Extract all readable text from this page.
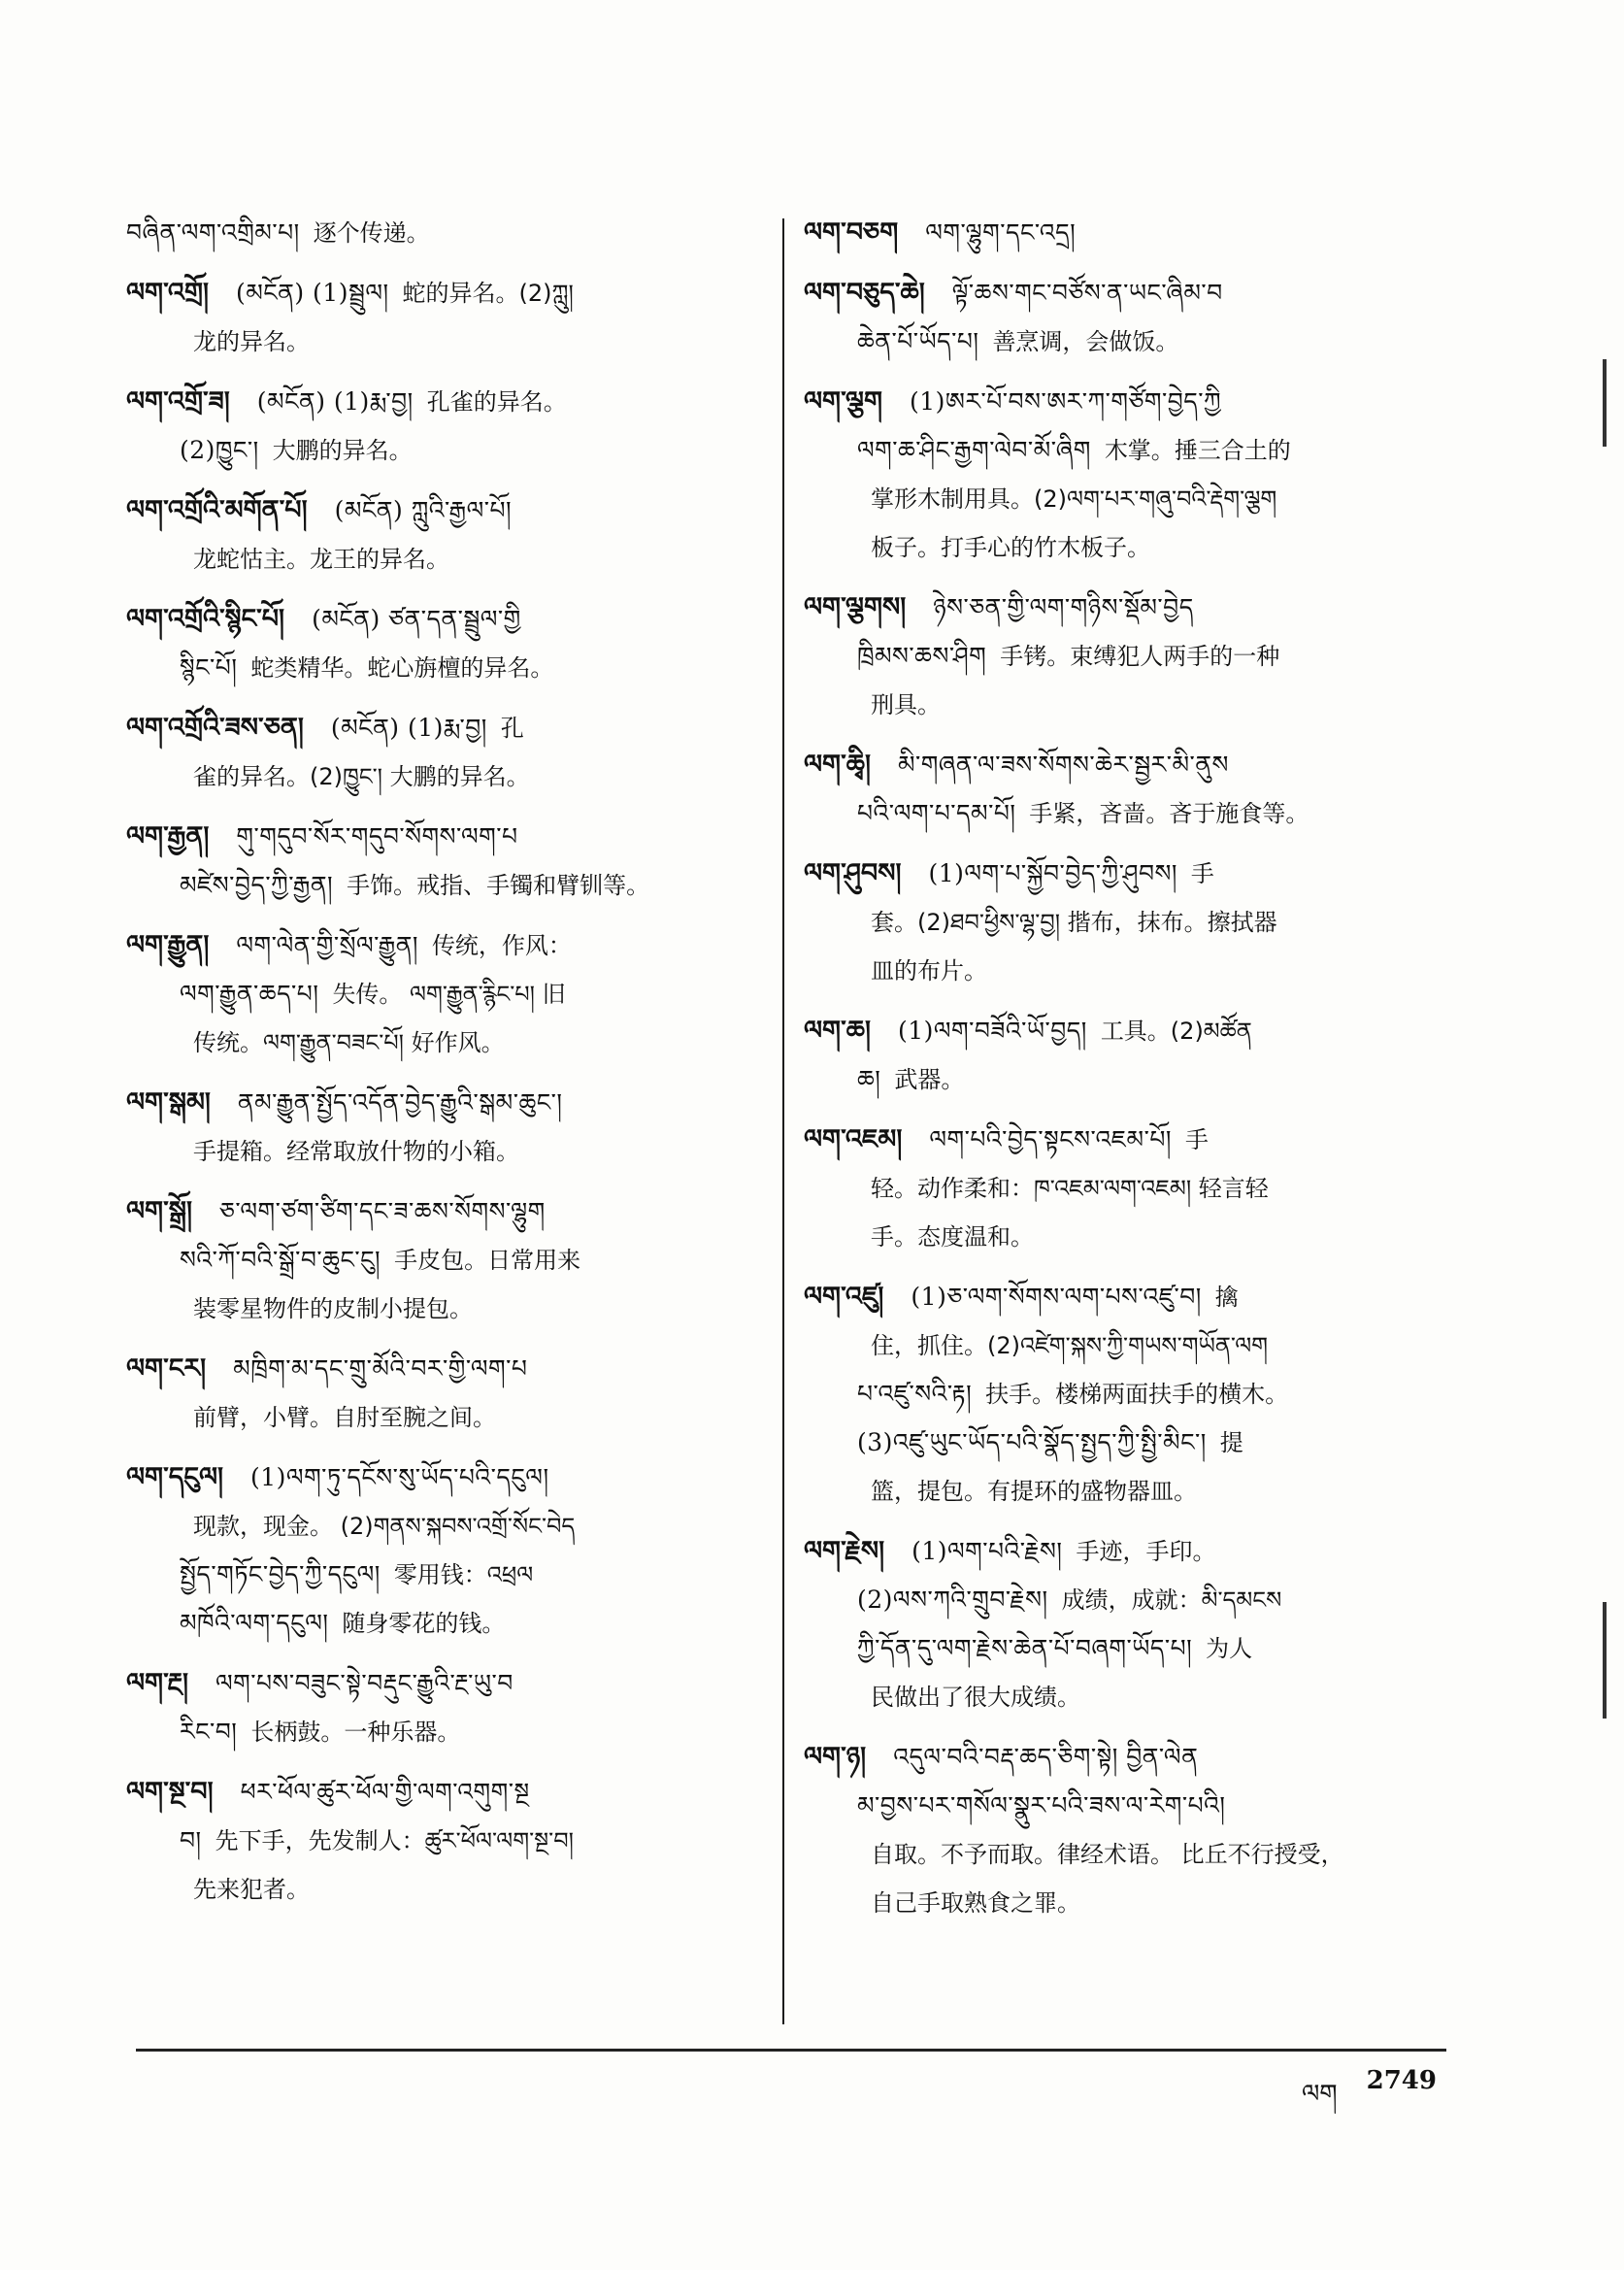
བཞིན་ལག་འགྲིམ་པ། 逐个传递。
ལག་འགྲོ། (མངོན) (1)སྦྲུལ། 蛇的异名。(2)ཀླུ།
龙的异名。
ལག་འགྲོ་ཟ། (མངོན) (1)རྨ་བྱ། 孔雀的异名。
(2)ཁྱུང་། 大鹏的异名。
ལག་འགྲོའི་མགོན་པོ། (མངོན) ཀླུའི་རྒྱལ་པོ།
龙蛇怙主。龙王的异名。
ལག་འགྲོའི་སྙིང་པོ། (མངོན) ཙན་དན་སྦྲུལ་གྱི
སྙིང་པོ། 蛇类精华。蛇心旃檀的异名。
ལག་འགྲོའི་ཟས་ཅན། (མངོན) (1)རྨ་བྱ། 孔
雀的异名。(2)ཁྱུང་། 大鹏的异名。
ལག་རྒྱན། གུ་གདུབ་སོར་གདུབ་སོགས་ལག་པ
མཛེས་བྱེད་ཀྱི་རྒྱན། 手饰。戒指、手镯和臂钏等。
ལག་རྒྱུན། ལག་ལེན་གྱི་སྲོལ་རྒྱུན། 传统，作风：
ལག་རྒྱུན་ཆད་པ། 失传。 ལག་རྒྱུན་རྙིང་པ། 旧
传统。ལག་རྒྱུན་བཟང་པོ། 好作风。
ལག་སྒམ། ནམ་རྒྱུན་སྤྱོད་འདོན་བྱེད་རྒྱུའི་སྒམ་ཆུང་།
手提箱。经常取放什物的小箱。
ལག་སྒྲོ། ཅ་ལག་ཙག་ཙིག་དང་ཟ་ཆས་སོགས་ལྷུག
སའི་ཀོ་བའི་སྒྲོ་བ་ཆུང་ངུ། 手皮包。日常用来
装零星物件的皮制小提包。
ལག་ངར། མཁྲིག་མ་དང་གྲུ་མོའི་བར་གྱི་ལག་པ
前臂，小臂。自肘至腕之间。
ལག་དངུལ། (1)ལག་ཏུ་དངོས་སུ་ཡོད་པའི་དངུལ།
现款，现金。 (2)གནས་སྐབས་འགྲོ་སོང་བེད
སྤྱོད་གཏོང་བྱེད་ཀྱི་དངུལ། 零用钱：འཕྲལ
མཁོའི་ལག་དངུལ། 随身零花的钱。
ལག་རྔ། ལག་པས་བཟུང་སྟེ་བརྡུང་རྒྱུའི་རྔ་ཡུ་བ
རིང་བ། 长柄鼓。一种乐器。
ལག་སྔ་བ། ཕར་ཕོལ་ཚུར་ཕོལ་གྱི་ལག་འགུག་སྔ
བ། 先下手，先发制人：ཚུར་ཕོལ་ལག་སྔ་བ།
先来犯者。
ལག་བཅག ལག་ལྷུག་དང་འདྲ།
ལག་བཅུད་ཆེ། ལྟོ་ཆས་གང་བཙོས་ན་ཡང་ཞིམ་བ
ཆེན་པོ་ཡོད་པ། 善烹调，会做饭。
ལག་ལྕག (1)ཨར་པོ་བས་ཨར་ཀ་གཙོག་བྱེད་ཀྱི
ལག་ཆ་ཤིང་རྒྱག་ལེབ་མོ་ཞིག 木掌。捶三合土的
掌形木制用具。(2)ལག་པར་གཞུ་བའི་རྡེག་ལྕག
板子。打手心的竹木板子。
ལག་ལྕགས། ཉེས་ཅན་གྱི་ལག་གཉིས་སྡོམ་བྱེད
ཁྲིམས་ཆས་ཤིག 手铐。束缚犯人两手的一种
刑具。
ལག་ཆྭི། མི་གཞན་ལ་ཟས་སོགས་ཆེར་སྦྱར་མི་ནུས
པའི་ལག་པ་དམ་པོ། 手紧，吝啬。吝于施食等。
ལག་ཤུབས། (1)ལག་པ་སྐྱོབ་བྱེད་ཀྱི་ཤུབས། 手
套。(2)ཐབ་ཕྱིས་ལྷ་བྱ། 揩布，抹布。擦拭器
皿的布片。
ལག་ཆ། (1)ལག་བཟོའི་ཡོ་བྱད། 工具。(2)མཚོན
ཆ། 武器。
ལག་འཇམ། ལག་པའི་བྱེད་སྟངས་འཇམ་པོ། 手
轻。动作柔和：ཁ་འཇམ་ལག་འཇམ། 轻言轻
手。态度温和。
ལག་འཛུ། (1)ཅ་ལག་སོགས་ལག་པས་འཛུ་བ། 擒
住，抓住。(2)འཛེག་སྐས་ཀྱི་གཡས་གཡོན་ལག
པ་འཛུ་སའི་རྟ། 扶手。楼梯两面扶手的横木。
(3)འཛུ་ཡུང་ཡོད་པའི་སྣོད་སྤྱད་ཀྱི་སྤྱི་མིང་། 提
篮，提包。有提环的盛物器皿。
ལག་རྗེས། (1)ལག་པའི་རྗེས། 手迹，手印。
(2)ལས་ཀའི་གྲུབ་རྗེས། 成绩，成就：མི་དམངས
ཀྱི་དོན་དུ་ལག་རྗེས་ཆེན་པོ་བཞག་ཡོད་པ། 为人
民做出了很大成绩。
ལག་ཉ། འདུལ་བའི་བརྡ་ཆད་ཅིག་སྟེ། བྱིན་ལེན
མ་བྱས་པར་གསོལ་སྣུར་པའི་ཟས་ལ་རེག་པའི།
自取。不予而取。律经术语。 比丘不行授受，
自己手取熟食之罪。
ལག 2749
